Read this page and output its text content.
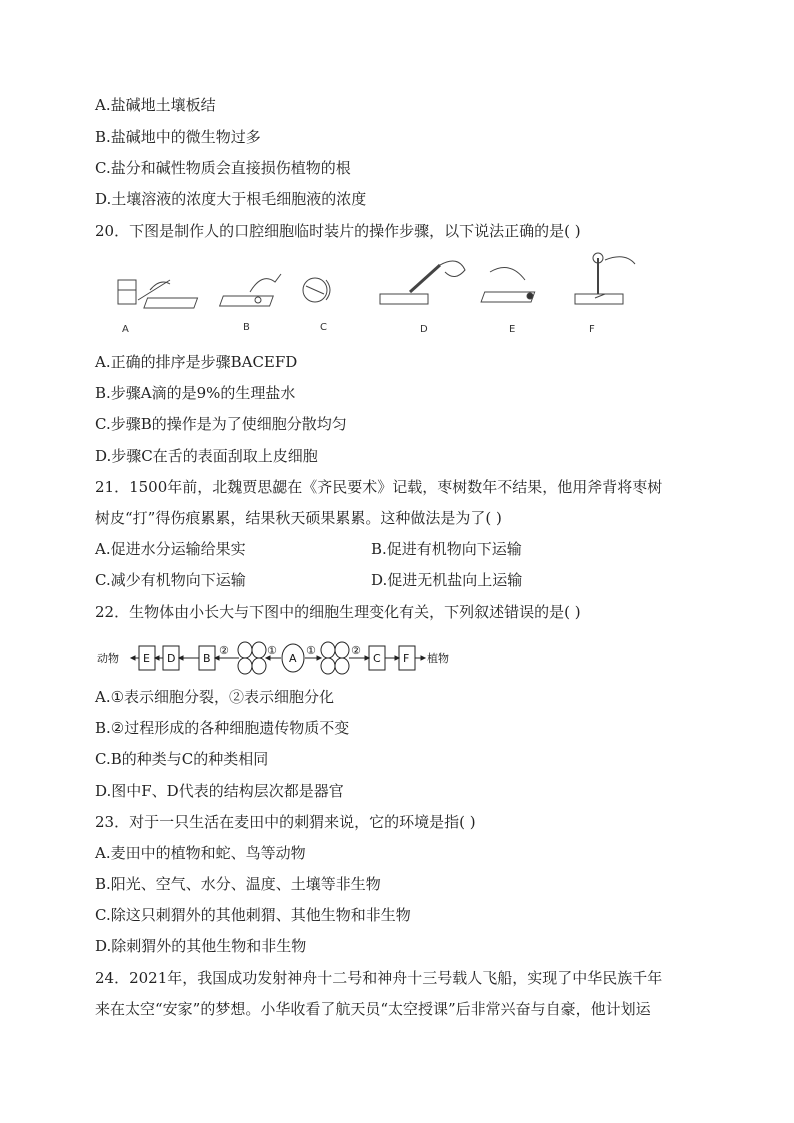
A.盐碱地土壤板结
B.盐碱地中的微生物过多
C.盐分和碱性物质会直接损伤植物的根
D.土壤溶液的浓度大于根毛细胞液的浓度
20．下图是制作人的口腔细胞临时装片的操作步骤，以下说法正确的是( )
A	B	C	D	E	F
A.正确的排序是步骤BACEFD
B.步骤A滴的是9%的生理盐水
C.步骤B的操作是为了使细胞分散均匀
D.步骤C在舌的表面刮取上皮细胞
21．1500年前，北魏贾思勰在《齐民要术》记载，枣树数年不结果，他用斧背将枣树
树皮“打”得伤痕累累，结果秋天硕果累累。这种做法是为了( )
A.促进水分运输给果实	B.促进有机物向下运输
C.减少有机物向下运输	D.促进无机盐向上运输
22．生物体由小长大与下图中的细胞生理变化有关，下列叙述错误的是( )
动物 E D	B
②	①
A
①	②
C F 植物
A.①表示细胞分裂，②表示细胞分化
B.②过程形成的各种细胞遗传物质不变
C.B的种类与C的种类相同
D.图中F、D代表的结构层次都是器官
23．对于一只生活在麦田中的刺猬来说，它的环境是指( )
A.麦田中的植物和蛇、鸟等动物
B.阳光、空气、水分、温度、土壤等非生物
C.除这只刺猬外的其他刺猬、其他生物和非生物
D.除刺猬外的其他生物和非生物
24．2021年，我国成功发射神舟十二号和神舟十三号载人飞船，实现了中华民族千年
来在太空“安家”的梦想。小华收看了航天员“太空授课”后非常兴奋与自豪，他计划运
